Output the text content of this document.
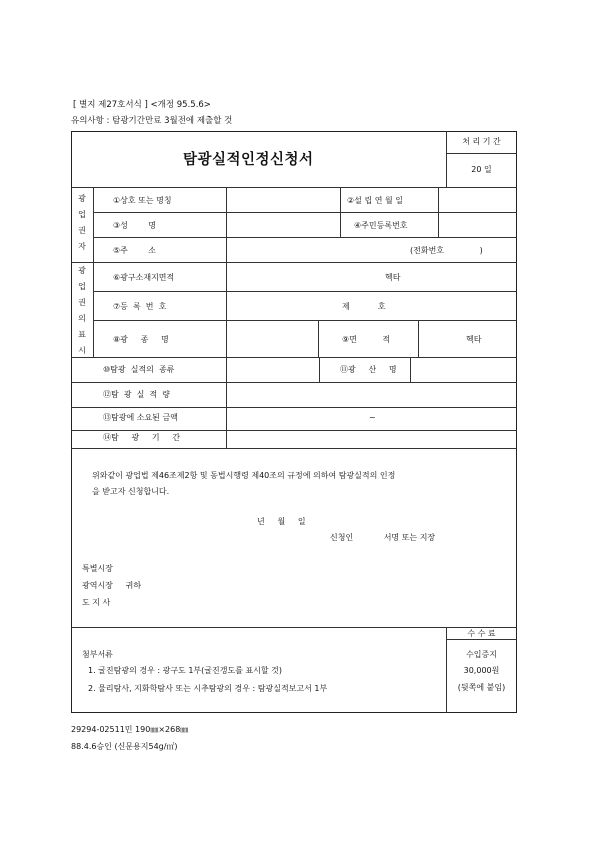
[ 별지 제27호서식 ] <개정 95.5.6>
유의사항 : 탐광기간만료 3월전에 제출할 것
탐광실적인정신청서
처 리 기 간
20 일
광
업
권
자
광
업
권
의
표
시
①상호 또는 명칭	②설 립 연 월 일
③성        명	④주민등록번호
⑤주        소	(전화번호              )
⑥광구소재지면적	헥타
⑦등  록  번  호	제           호
⑧광     종     명	⑨면          적	헥타
⑩탐광  실적의  종류	⑪광     산     명
⑫탐  광  실  적  량
⑬탐광에 소요된 금액	~
⑭탐     광     기     간
위와같이 광업법 제46조제2항 및 동법시행령 제40조의 규정에 의하여 탐광실적의 인정
을 받고자 신청합니다.
년     월     일
신청인            서명 또는 지장
특별시장
광역시장     귀하
도 지 사
첨부서류
1. 굴진탐광의 경우 : 광구도 1부(굴진갱도를 표시할 것)
2. 물리탐사, 지화학탐사 또는 시추탐광의 경우 : 탐광실적보고서 1부
수 수 료
수입증지
30,000원
(뒷쪽에 붙임)
29294-02511민 190㎜×268㎜
88.4.6승인 (신문용지54g/㎡)
